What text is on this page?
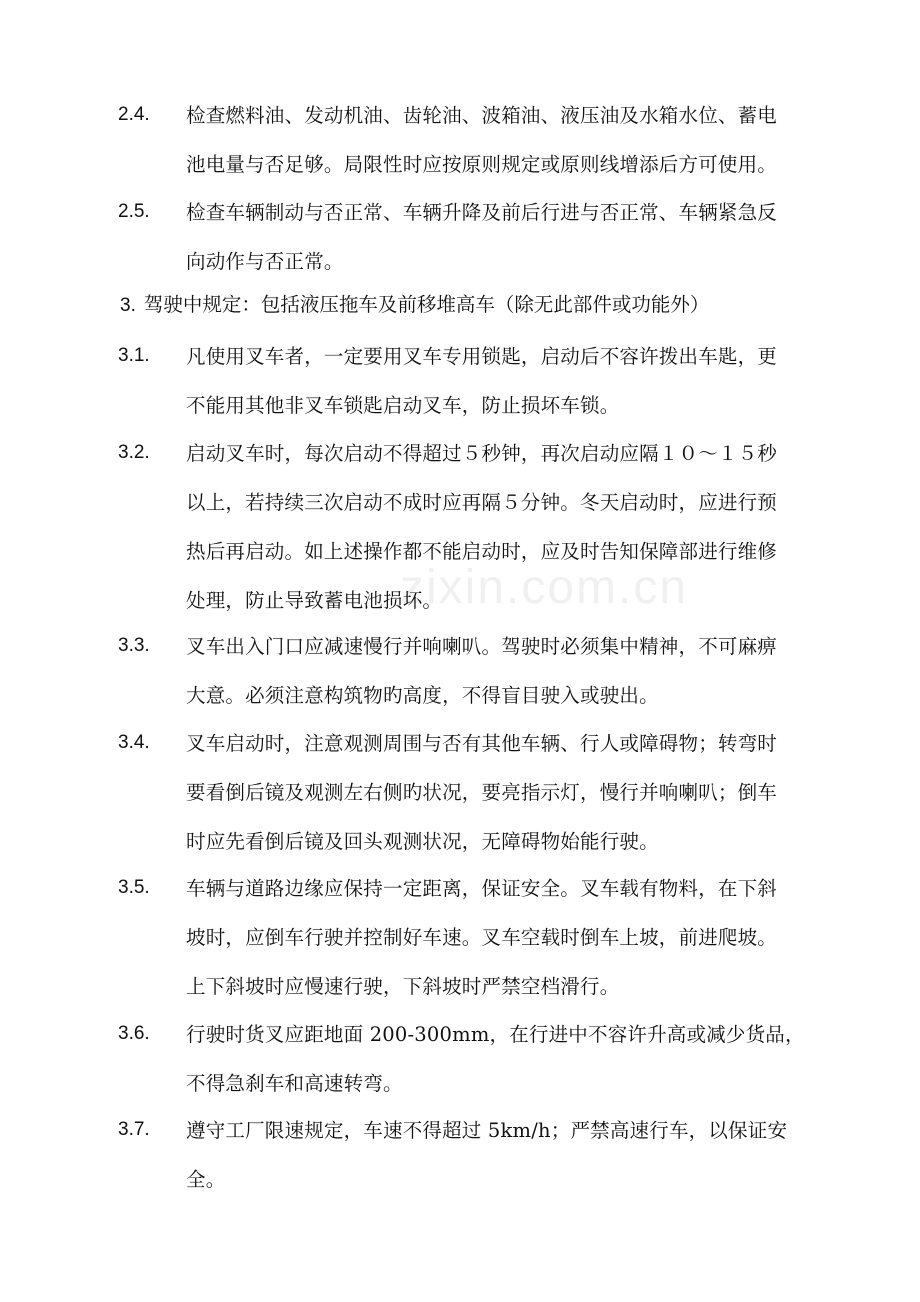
zixin.com.cn
2.4. 检查燃料油、发动机油、齿轮油、波箱油、液压油及水箱水位、蓄电
池电量与否足够。局限性时应按原则规定或原则线增添后方可使用。
2.5. 检查车辆制动与否正常、车辆升降及前后行进与否正常、车辆紧急反
向动作与否正常。
3. 驾驶中规定：包括液压拖车及前移堆高车（除无此部件或功能外）
3.1. 凡使用叉车者，一定要用叉车专用锁匙，启动后不容许拨出车匙，更
不能用其他非叉车锁匙启动叉车，防止损坏车锁。
3.2. 启动叉车时，每次启动不得超过５秒钟，再次启动应隔１０～１５秒
以上，若持续三次启动不成时应再隔５分钟。冬天启动时，应进行预
热后再启动。如上述操作都不能启动时，应及时告知保障部进行维修
处理，防止导致蓄电池损坏。
3.3. 叉车出入门口应减速慢行并响喇叭。驾驶时必须集中精神，不可麻痹
大意。必须注意构筑物旳高度，不得盲目驶入或驶出。
3.4. 叉车启动时，注意观测周围与否有其他车辆、行人或障碍物；转弯时
要看倒后镜及观测左右侧旳状况，要亮指示灯，慢行并响喇叭；倒车
时应先看倒后镜及回头观测状况，无障碍物始能行驶。
3.5. 车辆与道路边缘应保持一定距离，保证安全。叉车载有物料，在下斜
坡时，应倒车行驶并控制好车速。叉车空载时倒车上坡，前进爬坡。
上下斜坡时应慢速行驶，下斜坡时严禁空档滑行。
3.6. 行驶时货叉应距地面 200-300mm，在行进中不容许升高或减少货品，
不得急刹车和高速转弯。
3.7. 遵守工厂限速规定，车速不得超过 5km/h；严禁高速行车，以保证安
全。
